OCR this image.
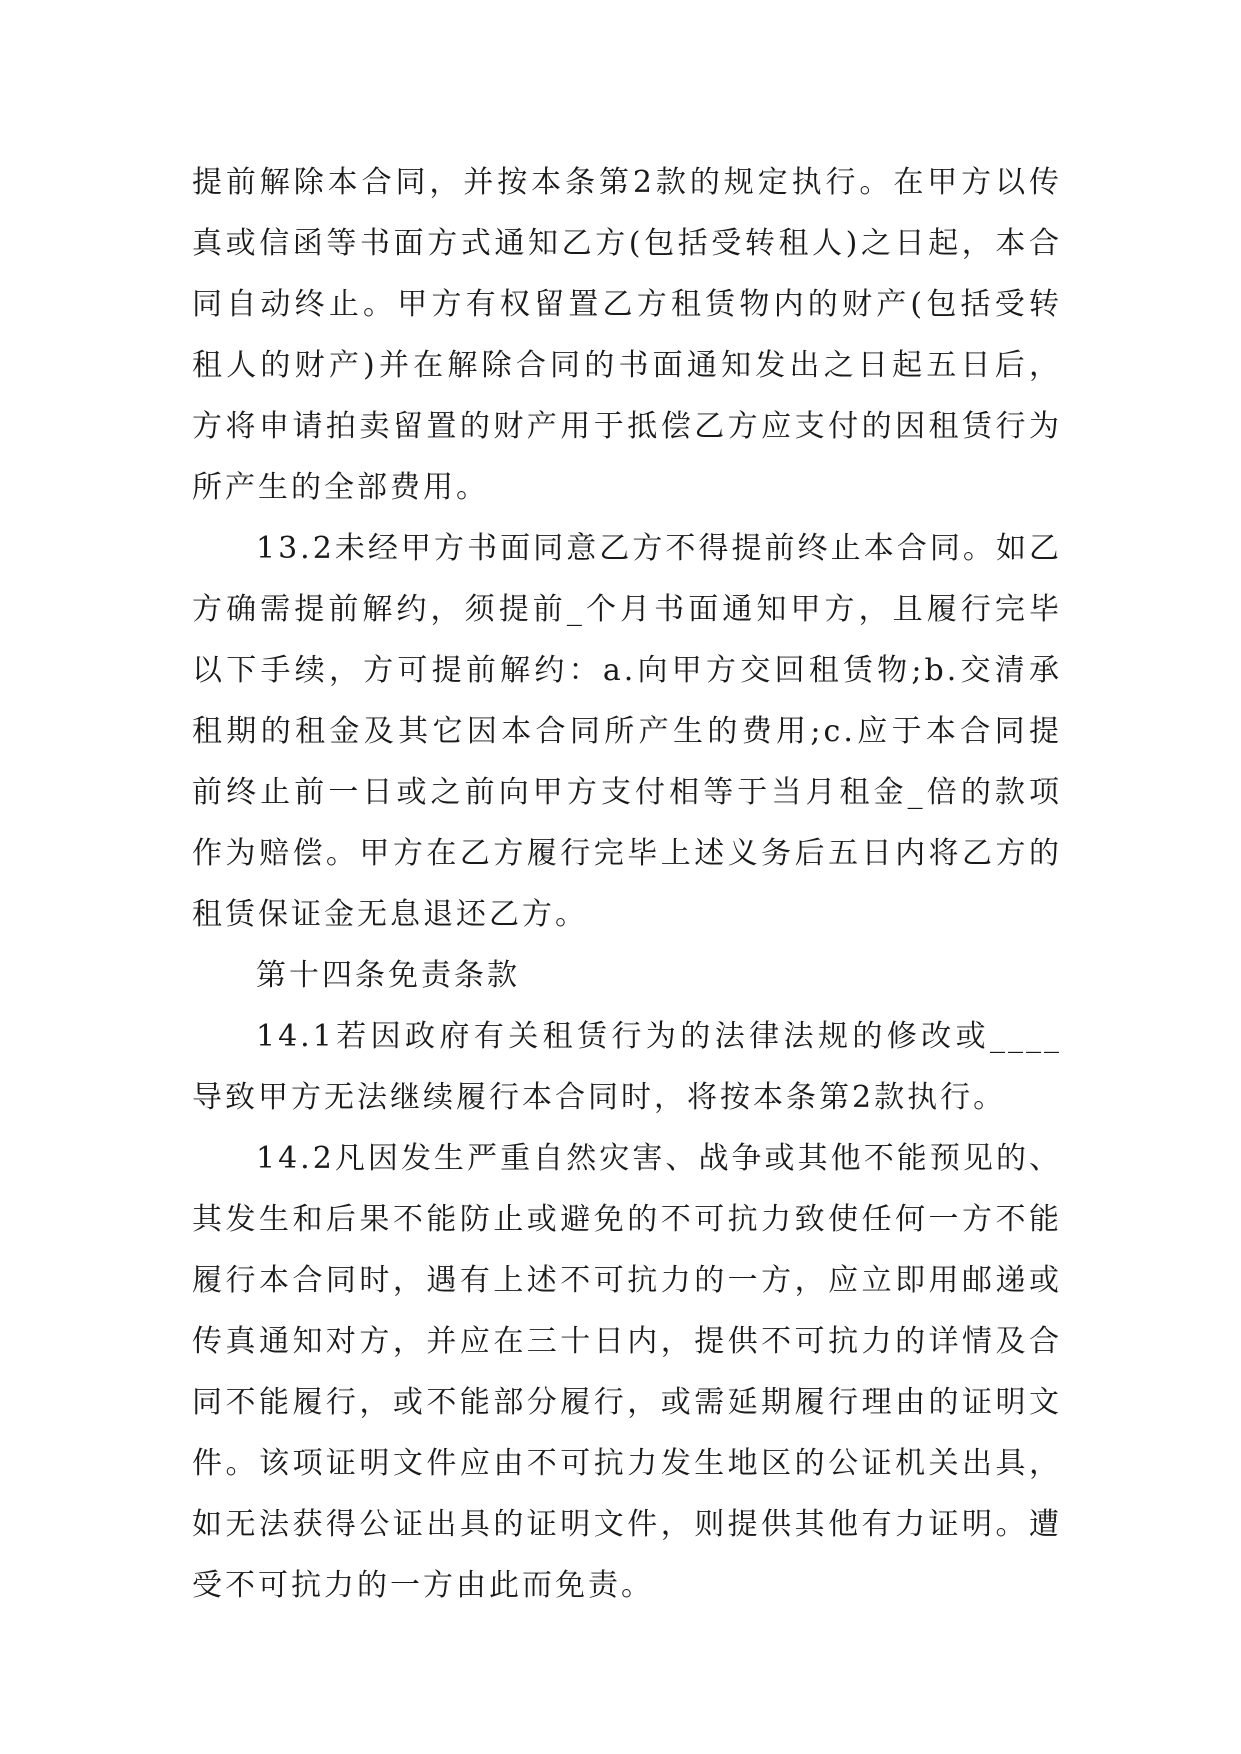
提前解除本合同，并按本条第2款的规定执行。在甲方以传真或信函等书面方式通知乙方(包括受转租人)之日起，本合同自动终止。甲方有权留置乙方租赁物内的财产(包括受转租人的财产)并在解除合同的书面通知发出之日起五日后，方将申请拍卖留置的财产用于抵偿乙方应支付的因租赁行为所产生的全部费用。

13.2未经甲方书面同意乙方不得提前终止本合同。如乙方确需提前解约，须提前_个月书面通知甲方，且履行完毕以下手续，方可提前解约：a.向甲方交回租赁物;b.交清承租期的租金及其它因本合同所产生的费用;c.应于本合同提前终止前一日或之前向甲方支付相等于当月租金_倍的款项作为赔偿。甲方在乙方履行完毕上述义务后五日内将乙方的租赁保证金无息退还乙方。

第十四条免责条款

14.1若因政府有关租赁行为的法律法规的修改或____导致甲方无法继续履行本合同时，将按本条第2款执行。

14.2凡因发生严重自然灾害、战争或其他不能预见的、其发生和后果不能防止或避免的不可抗力致使任何一方不能履行本合同时，遇有上述不可抗力的一方，应立即用邮递或传真通知对方，并应在三十日内，提供不可抗力的详情及合同不能履行，或不能部分履行，或需延期履行理由的证明文件。该项证明文件应由不可抗力发生地区的公证机关出具，如无法获得公证出具的证明文件，则提供其他有力证明。遭受不可抗力的一方由此而免责。
